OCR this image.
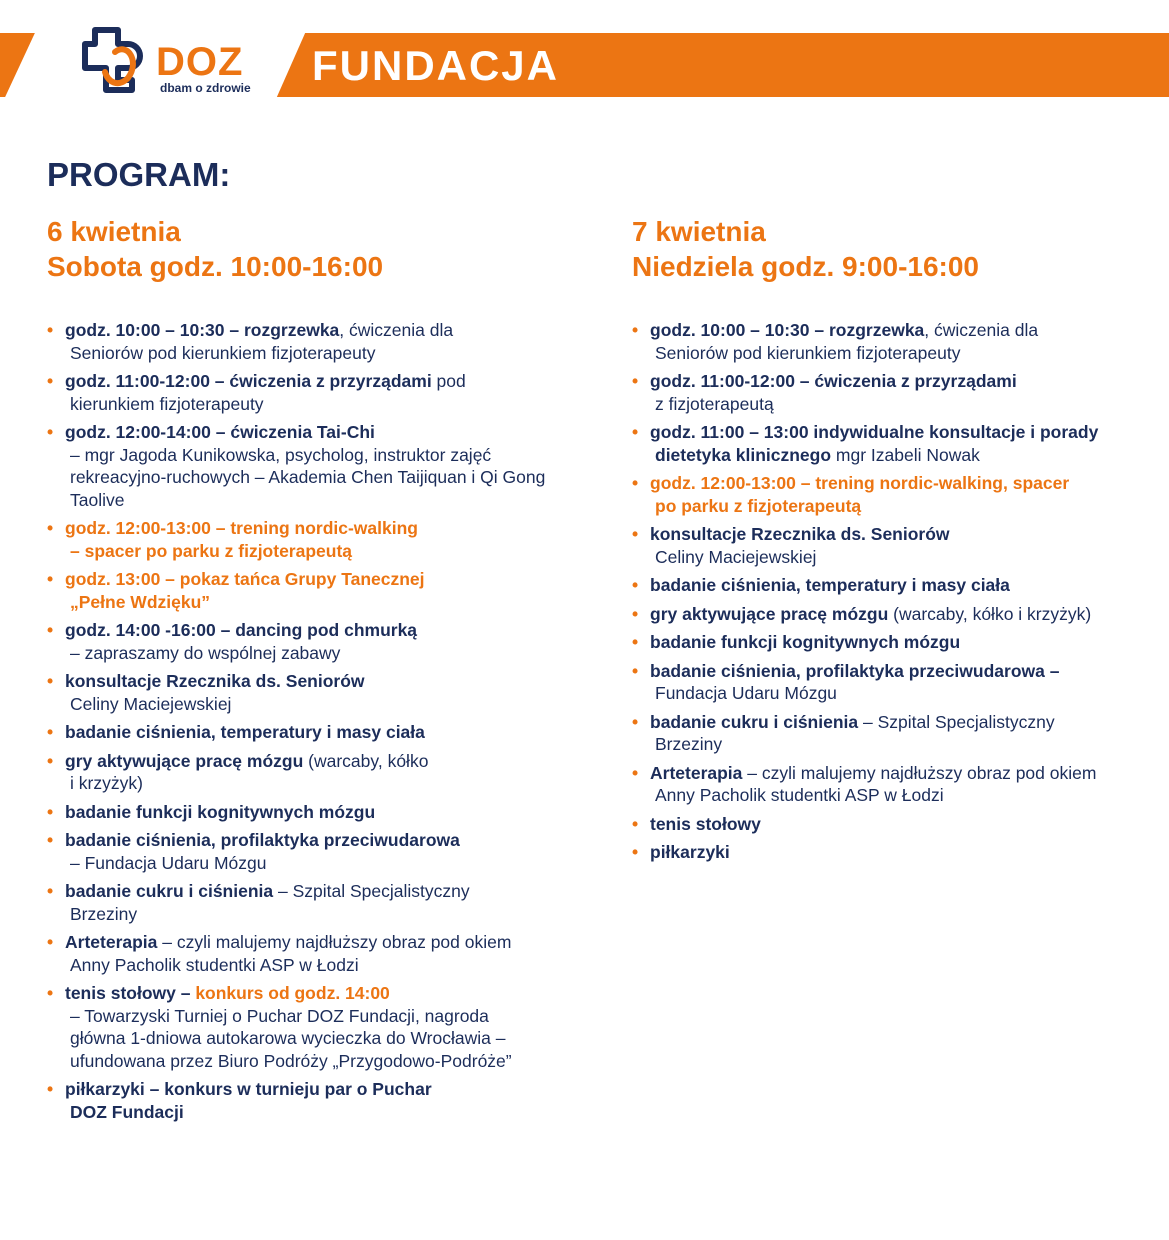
DOZ
dbam o zdrowie FUNDACJA
PROGRAM:
6 kwietnia
Sobota godz. 10:00-16:00
• godz. 10:00 – 10:30 – rozgrzewka, ćwiczenia dla
Seniorów pod kierunkiem fizjoterapeuty
• godz. 11:00-12:00 – ćwiczenia z przyrządami pod
kierunkiem fizjoterapeuty
• godz. 12:00-14:00 – ćwiczenia Tai-Chi
– mgr Jagoda Kunikowska, psycholog, instruktor zajęć rekreacyjno-ruchowych – Akademia Chen Taijiquan i Qi Gong Taolive
• godz. 12:00-13:00 – trening nordic-walking
– spacer po parku z fizjoterapeutą
• godz. 13:00 – pokaz tańca Grupy Tanecznej
„Pełne Wdzięku”
• godz. 14:00 -16:00 – dancing pod chmurką
– zapraszamy do wspólnej zabawy
• konsultacje Rzecznika ds. Seniorów
Celiny Maciejewskiej
• badanie ciśnienia, temperatury i masy ciała
• gry aktywujące pracę mózgu (warcaby, kółko
i krzyżyk)
• badanie funkcji kognitywnych mózgu
• badanie ciśnienia, profilaktyka przeciwudarowa
– Fundacja Udaru Mózgu
• badanie cukru i ciśnienia – Szpital Specjalistyczny
Brzeziny
• Arteterapia – czyli malujemy najdłuższy obraz pod okiem
Anny Pacholik studentki ASP w Łodzi
• tenis stołowy – konkurs od godz. 14:00
– Towarzyski Turniej o Puchar DOZ Fundacji, nagroda główna 1-dniowa autokarowa wycieczka do Wrocławia – ufundowana przez Biuro Podróży „Przygodowo-Podróże”
• piłkarzyki – konkurs w turnieju par o Puchar
DOZ Fundacji
7 kwietnia
Niedziela godz. 9:00-16:00
• godz. 10:00 – 10:30 – rozgrzewka, ćwiczenia dla
Seniorów pod kierunkiem fizjoterapeuty
• godz. 11:00-12:00 – ćwiczenia z przyrządami
z fizjoterapeutą
• godz. 11:00 – 13:00 indywidualne konsultacje i porady
dietetyka klinicznego mgr Izabeli Nowak
• godz. 12:00-13:00 – trening nordic-walking, spacer
po parku z fizjoterapeutą
• konsultacje Rzecznika ds. Seniorów
Celiny Maciejewskiej
• badanie ciśnienia, temperatury i masy ciała
• gry aktywujące pracę mózgu (warcaby, kółko i krzyżyk)
• badanie funkcji kognitywnych mózgu
• badanie ciśnienia, profilaktyka przeciwudarowa –
Fundacja Udaru Mózgu
• badanie cukru i ciśnienia – Szpital Specjalistyczny
Brzeziny
• Arteterapia – czyli malujemy najdłuższy obraz pod okiem
Anny Pacholik studentki ASP w Łodzi
• tenis stołowy
• piłkarzyki
